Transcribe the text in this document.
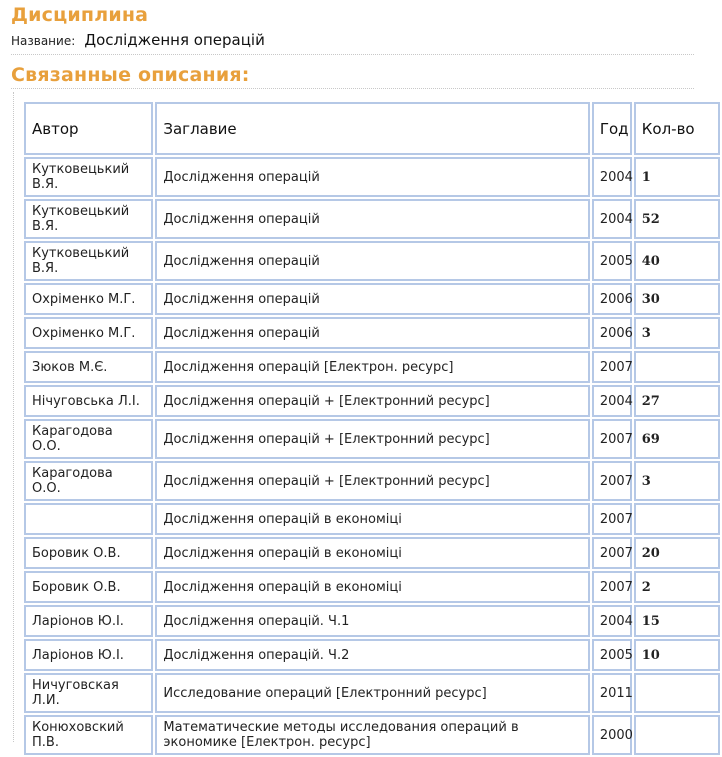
Дисциплина
Название: Дослідження операцій
Связанные описания:
Автор	Заглавие	Год	Кол-во
Кутковецький В.Я.	Дослідження операцій	2004	1
Кутковецький В.Я.	Дослідження операцій	2004	52
Кутковецький В.Я.	Дослідження операцій	2005	40
Охріменко М.Г.	Дослідження операцій	2006	30
Охріменко М.Г.	Дослідження операцій	2006	3
Зюков М.Є.	Дослідження операцій [Електрон. ресурс]	2007	
Нічуговська Л.І.	Дослідження операцій + [Електронний ресурс]	2004	27
Карагодова О.О.	Дослідження операцій + [Електронний ресурс]	2007	69
Карагодова О.О.	Дослідження операцій + [Електронний ресурс]	2007	3
	Дослідження операцій в економіці	2007	
Боровик О.В.	Дослідження операцій в економіці	2007	20
Боровик О.В.	Дослідження операцій в економіці	2007	2
Ларіонов Ю.І.	Дослідження операцій. Ч.1	2004	15
Ларіонов Ю.І.	Дослідження операцій. Ч.2	2005	10
Ничуговская Л.И.	Исследование операций [Електронний ресурс]	2011	
Конюховский П.В.	Математические методы исследования операций в экономике [Електрон. ресурс]	2000	
